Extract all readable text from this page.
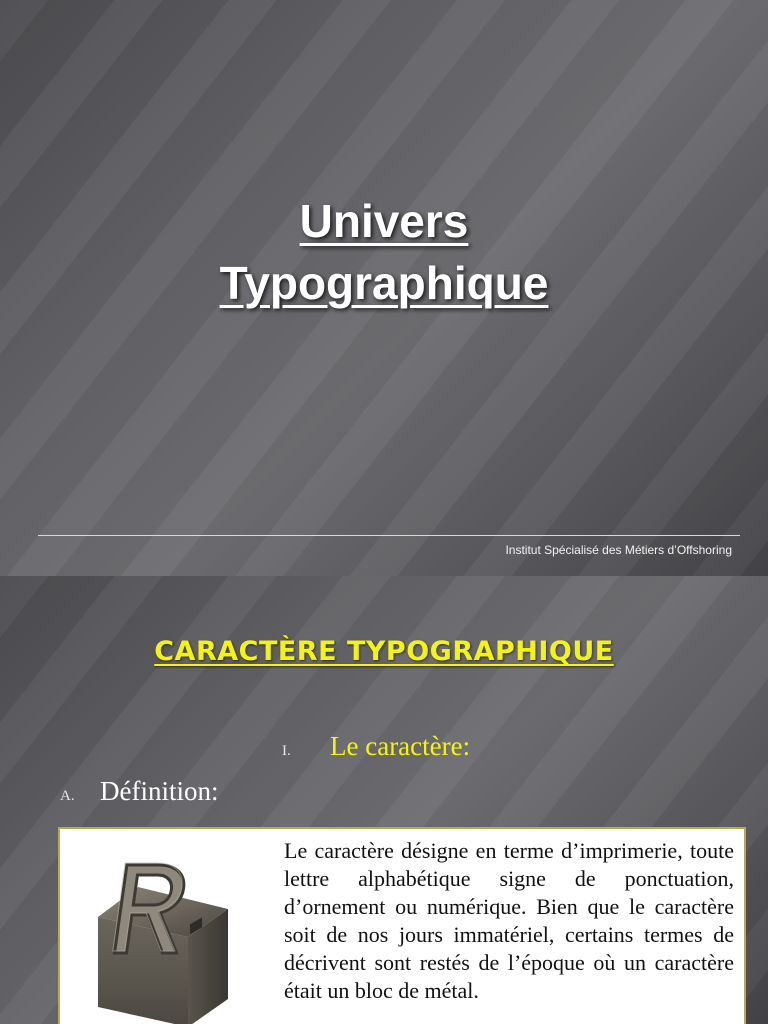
Univers
Typographique
Institut Spécialisé des Métiers d’Offshoring
CARACTÈRE TYPOGRAPHIQUE
I. Le caractère:
A. Définition:

Le caractère désigne en terme d’imprimerie, toute lettre alphabétique signe de ponctuation, d’ornement ou numérique. Bien que le caractère soit de nos jours immatériel, certains termes de décrivent sont restés de l’époque où un caractère était un bloc de métal.
